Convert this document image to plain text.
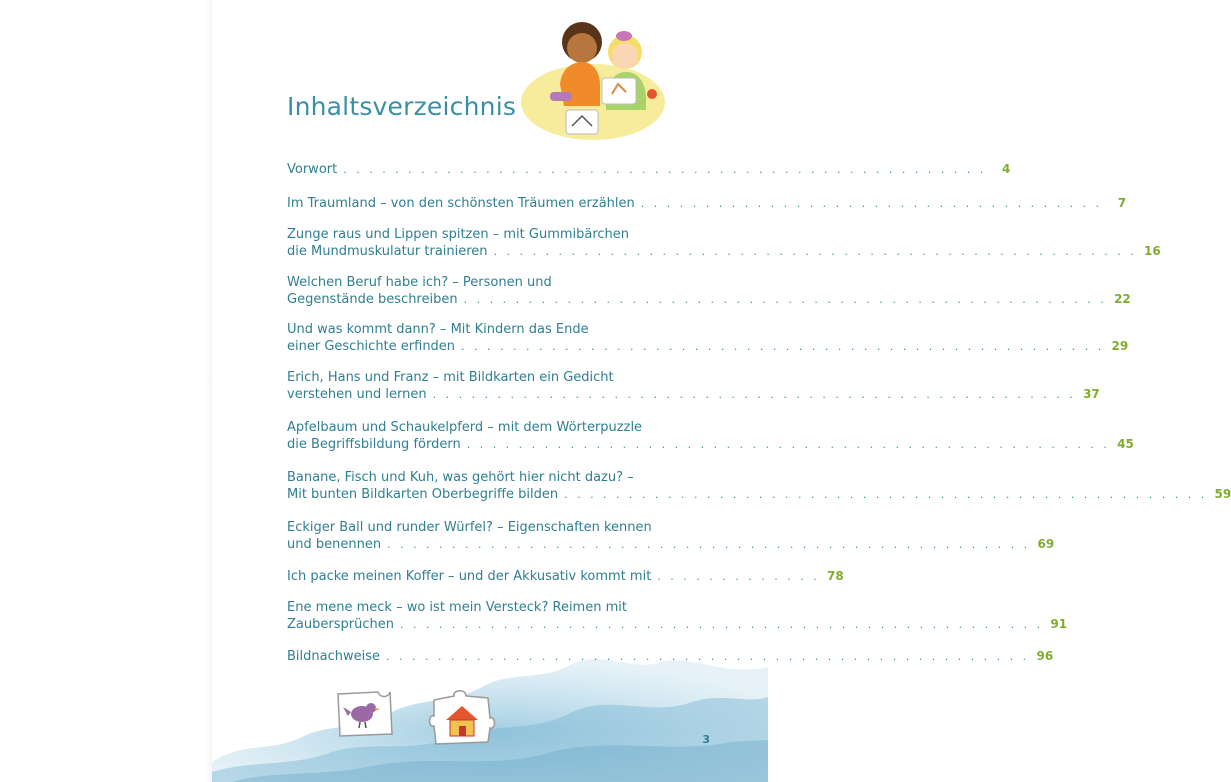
Inhaltsverzeichnis
Vorwort . . . . . . . . . . . . . . . . . . . . . . . . . . . . . . . . . . . . . . . . . . . . . . . . . .	4
Im Traumland – von den schönsten Träumen erzählen . . . . . . . . . . . . . . . . . . . . . . . . . . . . . . . . . . . .	7
Zunge raus und Lippen spitzen – mit Gummibärchen
die Mundmuskulatur trainieren . . . . . . . . . . . . . . . . . . . . . . . . . . . . . . . . . . . . . . . . . . . . . . . . . . 16
Welchen Beruf habe ich? – Personen und
Gegenstände beschreiben . . . . . . . . . . . . . . . . . . . . . . . . . . . . . . . . . . . . . . . . . . . . . . . . . . 22
Und was kommt dann? – Mit Kindern das Ende
einer Geschichte erfinden . . . . . . . . . . . . . . . . . . . . . . . . . . . . . . . . . . . . . . . . . . . . . . . . . . 29
Erich, Hans und Franz – mit Bildkarten ein Gedicht
verstehen und lernen . . . . . . . . . . . . . . . . . . . . . . . . . . . . . . . . . . . . . . . . . . . . . . . . . . 37
Apfelbaum und Schaukelpferd – mit dem Wörterpuzzle
die Begriffsbildung fördern . . . . . . . . . . . . . . . . . . . . . . . . . . . . . . . . . . . . . . . . . . . . . . . . . . 45
Banane, Fisch und Kuh, was gehört hier nicht dazu? –
Mit bunten Bildkarten Oberbegriffe bilden . . . . . . . . . . . . . . . . . . . . . . . . . . . . . . . . . . . . . . . . . . . . . . . . . . 59
Eckiger Ball und runder Würfel? – Eigenschaften kennen
und benennen . . . . . . . . . . . . . . . . . . . . . . . . . . . . . . . . . . . . . . . . . . . . . . . . . . 69
Ich packe meinen Koffer – und der Akkusativ kommt mit . . . . . . . . . . . . . 78
Ene mene meck – wo ist mein Versteck? Reimen mit
Zaubersprüchen . . . . . . . . . . . . . . . . . . . . . . . . . . . . . . . . . . . . . . . . . . . . . . . . . . 91
Bildnachweise . . . . . . . . . . . . . . . . . . . . . . . . . . . . . . . . . . . . . . . . . . . . . . . . . . 96
3
